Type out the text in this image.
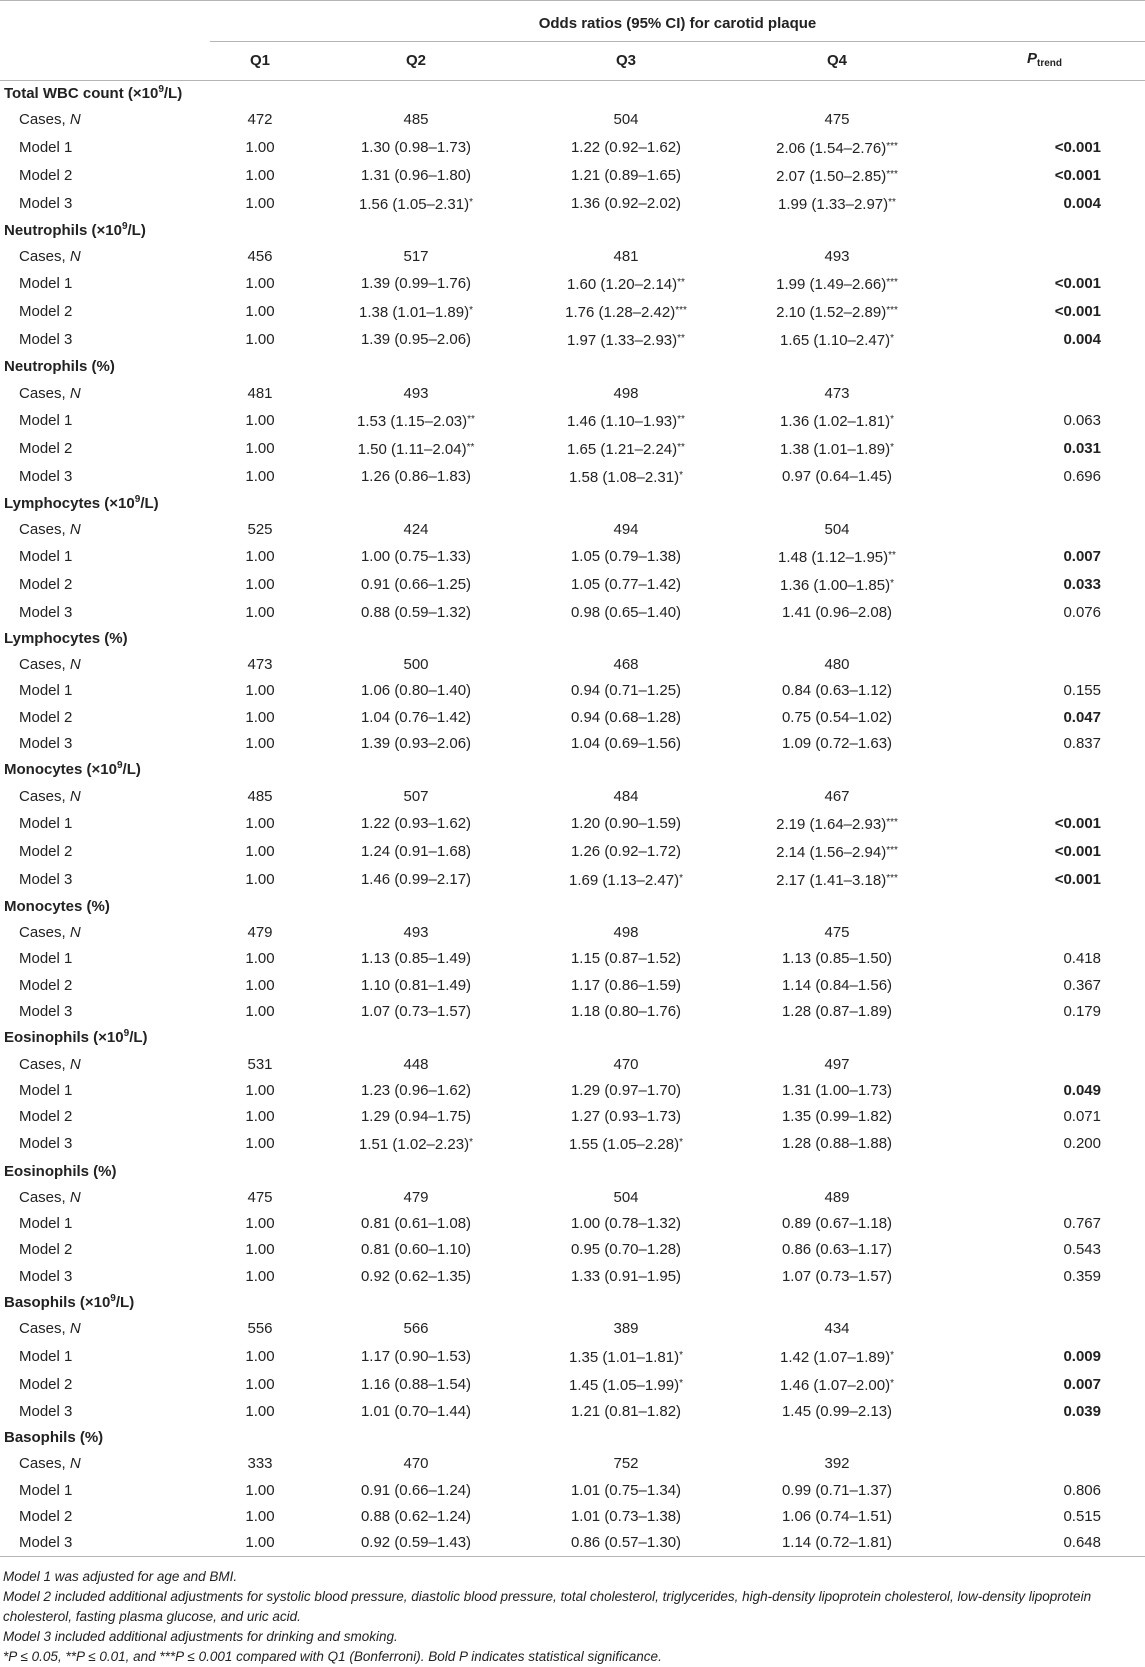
	Odds ratios (95% CI) for carotid plaque				
	Q1	Q2	Q3	Q4	$P_{trend}$
Total WBC count $(\times 10^9/L)$					
Cases, N	472	485	504	475	
Model 1	1.00	1.30 (0.98–1.73)	1.22 (0.92–1.62)	2.06 (1.54–2.76)***	<0.001
Model 2	1.00	1.31 (0.96–1.80)	1.21 (0.89–1.65)	2.07 (1.50–2.85)***	<0.001
Model 3	1.00	1.56 (1.05–2.31)*	1.36 (0.92–2.02)	1.99 (1.33–2.97)**	0.004
Neutrophils $(\times 10^9/L)$					
Cases, N	456	517	481	493	
Model 1	1.00	1.39 (0.99–1.76)	1.60 (1.20–2.14)**	1.99 (1.49–2.66)***	<0.001
Model 2	1.00	1.38 (1.01–1.89)*	1.76 (1.28–2.42)***	2.10 (1.52–2.89)***	<0.001
Model 3	1.00	1.39 (0.95–2.06)	1.97 (1.33–2.93)**	1.65 (1.10–2.47)*	0.004
Neutrophils (%)					
Cases, N	481	493	498	473	
Model 1	1.00	1.53 (1.15–2.03)**	1.46 (1.10–1.93)**	1.36 (1.02–1.81)*	0.063
Model 2	1.00	1.50 (1.11–2.04)**	1.65 (1.21–2.24)**	1.38 (1.01–1.89)*	0.031
Model 3	1.00	1.26 (0.86–1.83)	1.58 (1.08–2.31)*	0.97 (0.64–1.45)	0.696
Lymphocytes $(\times 10^9/L)$					
Cases, N	525	424	494	504	
Model 1	1.00	1.00 (0.75–1.33)	1.05 (0.79–1.38)	1.48 (1.12–1.95)**	0.007
Model 2	1.00	0.91 (0.66–1.25)	1.05 (0.77–1.42)	1.36 (1.00–1.85)*	0.033
Model 3	1.00	0.88 (0.59–1.32)	0.98 (0.65–1.40)	1.41 (0.96–2.08)	0.076
Lymphocytes (%)					
Cases, N	473	500	468	480	
Model 1	1.00	1.06 (0.80–1.40)	0.94 (0.71–1.25)	0.84 (0.63–1.12)	0.155
Model 2	1.00	1.04 (0.76–1.42)	0.94 (0.68–1.28)	0.75 (0.54–1.02)	0.047
Model 3	1.00	1.39 (0.93–2.06)	1.04 (0.69–1.56)	1.09 (0.72–1.63)	0.837
Monocytes $(\times 10^9/L)$					
Cases, N	485	507	484	467	
Model 1	1.00	1.22 (0.93–1.62)	1.20 (0.90–1.59)	2.19 (1.64–2.93)***	<0.001
Model 2	1.00	1.24 (0.91–1.68)	1.26 (0.92–1.72)	2.14 (1.56–2.94)***	<0.001
Model 3	1.00	1.46 (0.99–2.17)	1.69 (1.13–2.47)*	2.17 (1.41–3.18)***	<0.001
Monocytes (%)					
Cases, N	479	493	498	475	
Model 1	1.00	1.13 (0.85–1.49)	1.15 (0.87–1.52)	1.13 (0.85–1.50)	0.418
Model 2	1.00	1.10 (0.81–1.49)	1.17 (0.86–1.59)	1.14 (0.84–1.56)	0.367
Model 3	1.00	1.07 (0.73–1.57)	1.18 (0.80–1.76)	1.28 (0.87–1.89)	0.179
Eosinophils $(\times 10^9/L)$					
Cases, N	531	448	470	497	
Model 1	1.00	1.23 (0.96–1.62)	1.29 (0.97–1.70)	1.31 (1.00–1.73)	0.049
Model 2	1.00	1.29 (0.94–1.75)	1.27 (0.93–1.73)	1.35 (0.99–1.82)	0.071
Model 3	1.00	1.51 (1.02–2.23)*	1.55 (1.05–2.28)*	1.28 (0.88–1.88)	0.200
Eosinophils (%)					
Cases, N	475	479	504	489	
Model 1	1.00	0.81 (0.61–1.08)	1.00 (0.78–1.32)	0.89 (0.67–1.18)	0.767
Model 2	1.00	0.81 (0.60–1.10)	0.95 (0.70–1.28)	0.86 (0.63–1.17)	0.543
Model 3	1.00	0.92 (0.62–1.35)	1.33 (0.91–1.95)	1.07 (0.73–1.57)	0.359
Basophils $(\times 10^9/L)$					
Cases, N	556	566	389	434	
Model 1	1.00	1.17 (0.90–1.53)	1.35 (1.01–1.81)*	1.42 (1.07–1.89)*	0.009
Model 2	1.00	1.16 (0.88–1.54)	1.45 (1.05–1.99)*	1.46 (1.07–2.00)*	0.007
Model 3	1.00	1.01 (0.70–1.44)	1.21 (0.81–1.82)	1.45 (0.99–2.13)	0.039
Basophils (%)					
Cases, N	333	470	752	392	
Model 1	1.00	0.91 (0.66–1.24)	1.01 (0.75–1.34)	0.99 (0.71–1.37)	0.806
Model 2	1.00	0.88 (0.62–1.24)	1.01 (0.73–1.38)	1.06 (0.74–1.51)	0.515
Model 3	1.00	0.92 (0.59–1.43)	0.86 (0.57–1.30)	1.14 (0.72–1.81)	0.648

Model 1 was adjusted for age and BMI.

Model 2 included additional adjustments for systolic blood pressure, diastolic blood pressure, total cholesterol, triglycerides, high-density lipoprotein cholesterol, low-density lipoprotein cholesterol, fasting plasma glucose, and uric acid.

Model 3 included additional adjustments for drinking and smoking.

*P ≤ 0.05, **P ≤ 0.01, and ***P ≤ 0.001 compared with Q1 (Bonferroni). Bold P indicates statistical significance.
